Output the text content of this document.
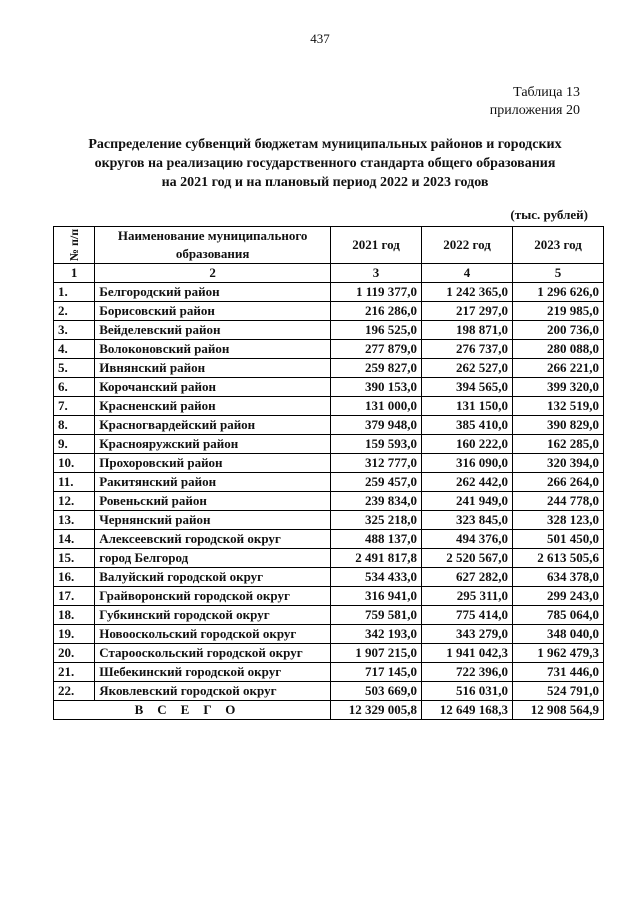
437
Таблица 13
приложения 20
Распределение субвенций бюджетам муниципальных районов и городских
округов на реализацию государственного стандарта общего образования
на 2021 год и на плановый период 2022 и 2023 годов
(тыс. рублей)
№ п/п	Наименование муниципального образования	2021 год	2022 год	2023 год
1	2	3	4	5
1.	Белгородский район	1 119 377,0	1 242 365,0	1 296 626,0
2.	Борисовский район	216 286,0	217 297,0	219 985,0
3.	Вейделевский район	196 525,0	198 871,0	200 736,0
4.	Волоконовский район	277 879,0	276 737,0	280 088,0
5.	Ивнянский район	259 827,0	262 527,0	266 221,0
6.	Корочанский район	390 153,0	394 565,0	399 320,0
7.	Красненский район	131 000,0	131 150,0	132 519,0
8.	Красногвардейский район	379 948,0	385 410,0	390 829,0
9.	Краснояружский район	159 593,0	160 222,0	162 285,0
10.	Прохоровский район	312 777,0	316 090,0	320 394,0
11.	Ракитянский район	259 457,0	262 442,0	266 264,0
12.	Ровеньский район	239 834,0	241 949,0	244 778,0
13.	Чернянский район	325 218,0	323 845,0	328 123,0
14.	Алексеевский городской округ	488 137,0	494 376,0	501 450,0
15.	город Белгород	2 491 817,8	2 520 567,0	2 613 505,6
16.	Валуйский городской округ	534 433,0	627 282,0	634 378,0
17.	Грайворонский городской округ	316 941,0	295 311,0	299 243,0
18.	Губкинский городской округ	759 581,0	775 414,0	785 064,0
19.	Новооскольский городской округ	342 193,0	343 279,0	348 040,0
20.	Старооскольский городской округ	1 907 215,0	1 941 042,3	1 962 479,3
21.	Шебекинский городской округ	717 145,0	722 396,0	731 446,0
22.	Яковлевский городской округ	503 669,0	516 031,0	524 791,0
ВСЕГО		12 329 005,8	12 649 168,3	12 908 564,9
